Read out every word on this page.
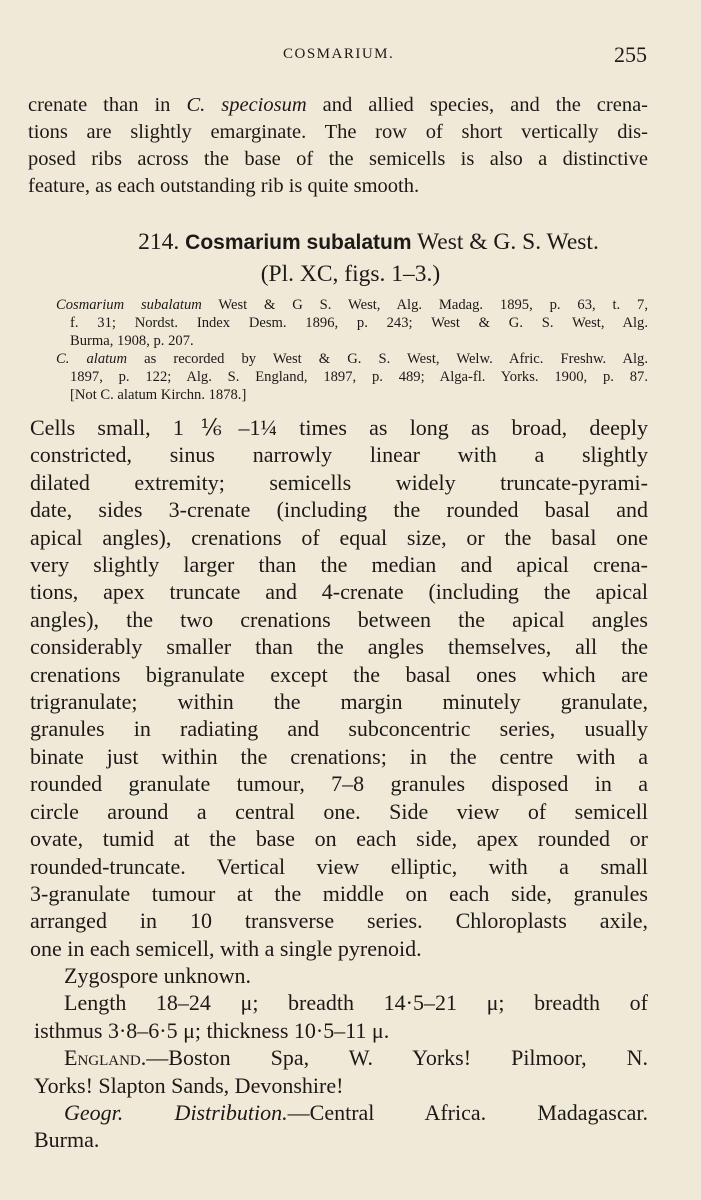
COSMARIUM.	255
crenate than in C. speciosum and allied species, and the crena-
tions are slightly emarginate. The row of short vertically dis-
posed ribs across the base of the semicells is also a distinctive
feature, as each outstanding rib is quite smooth.
214. Cosmarium subalatum West & G. S. West.
(Pl. XC, figs. 1–3.)
Cosmarium subalatum West & G S. West, Alg. Madag. 1895, p. 63, t. 7,
f. 31; Nordst. Index Desm. 1896, p. 243; West & G. S. West, Alg.
Burma, 1908, p. 207.
C. alatum as recorded by West & G. S. West, Welw. Afric. Freshw. Alg.
1897, p. 122; Alg. S. England, 1897, p. 489; Alga-fl. Yorks. 1900, p. 87.
[Not C. alatum Kirchn. 1878.]
Cells small, 1⅙–1¼ times as long as broad, deeply
constricted, sinus narrowly linear with a slightly
dilated extremity; semicells widely truncate-pyrami-
date, sides 3-crenate (including the rounded basal and
apical angles), crenations of equal size, or the basal one
very slightly larger than the median and apical crena-
tions, apex truncate and 4-crenate (including the apical
angles), the two crenations between the apical angles
considerably smaller than the angles themselves, all the
crenations bigranulate except the basal ones which are
trigranulate; within the margin minutely granulate,
granules in radiating and subconcentric series, usually
binate just within the crenations; in the centre with a
rounded granulate tumour, 7–8 granules disposed in a
circle around a central one. Side view of semicell
ovate, tumid at the base on each side, apex rounded or
rounded-truncate. Vertical view elliptic, with a small
3-granulate tumour at the middle on each side, granules
arranged in 10 transverse series. Chloroplasts axile,
one in each semicell, with a single pyrenoid.
Zygospore unknown.
Length 18–24 μ; breadth 14·5–21 μ; breadth of
isthmus 3·8–6·5 μ; thickness 10·5–11 μ.
England.—Boston Spa, W. Yorks! Pilmoor, N.
Yorks! Slapton Sands, Devonshire!
Geogr. Distribution.—Central Africa. Madagascar.
Burma.
